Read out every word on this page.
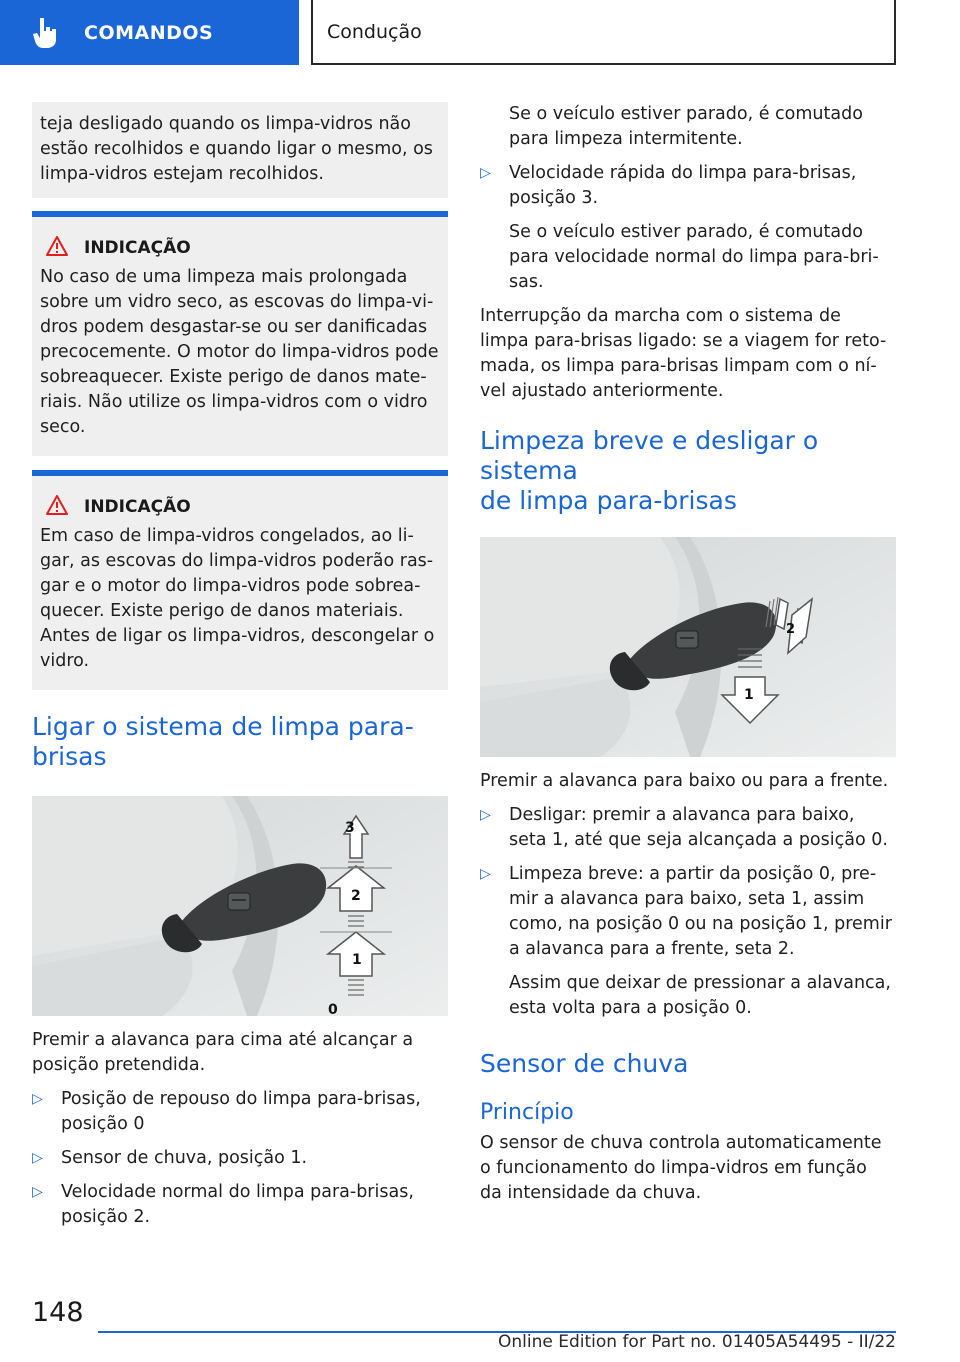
COMANDOS	Condução
teja desligado quando os limpa-vidros não
estão recolhidos e quando ligar o mesmo, os
limpa-vidros estejam recolhidos.
INDICAÇÃO
No caso de uma limpeza mais prolongada
sobre um vidro seco, as escovas do limpa-vi-
dros podem desgastar-se ou ser danificadas
precocemente. O motor do limpa-vidros pode
sobreaquecer. Existe perigo de danos mate-
riais. Não utilize os limpa-vidros com o vidro
seco.
INDICAÇÃO
Em caso de limpa-vidros congelados, ao li-
gar, as escovas do limpa-vidros poderão ras-
gar e o motor do limpa-vidros pode sobrea-
quecer. Existe perigo de danos materiais.
Antes de ligar os limpa-vidros, descongelar o
vidro.
Ligar o sistema de limpa para-
brisas
3
2
1
0
Premir a alavanca para cima até alcançar a
posição pretendida.
▷ Posição de repouso do limpa para-brisas,
posição 0
▷ Sensor de chuva, posição 1.
▷ Velocidade normal do limpa para-brisas,
posição 2.
Se o veículo estiver parado, é comutado
para limpeza intermitente.
▷ Velocidade rápida do limpa para-brisas,
posição 3.
Se o veículo estiver parado, é comutado
para velocidade normal do limpa para-bri-
sas.
Interrupção da marcha com o sistema de
limpa para-brisas ligado: se a viagem for reto-
mada, os limpa para-brisas limpam com o ní-
vel ajustado anteriormente.
Limpeza breve e desligar o sistema
de limpa para-brisas
2
1
Premir a alavanca para baixo ou para a frente.
▷ Desligar: premir a alavanca para baixo,
seta 1, até que seja alcançada a posição 0.
▷ Limpeza breve: a partir da posição 0, pre-
mir a alavanca para baixo, seta 1, assim
como, na posição 0 ou na posição 1, premir
a alavanca para a frente, seta 2.
Assim que deixar de pressionar a alavanca,
esta volta para a posição 0.
Sensor de chuva
Princípio
O sensor de chuva controla automaticamente
o funcionamento do limpa-vidros em função
da intensidade da chuva.
148
Online Edition for Part no. 01405A54495 - II/22
